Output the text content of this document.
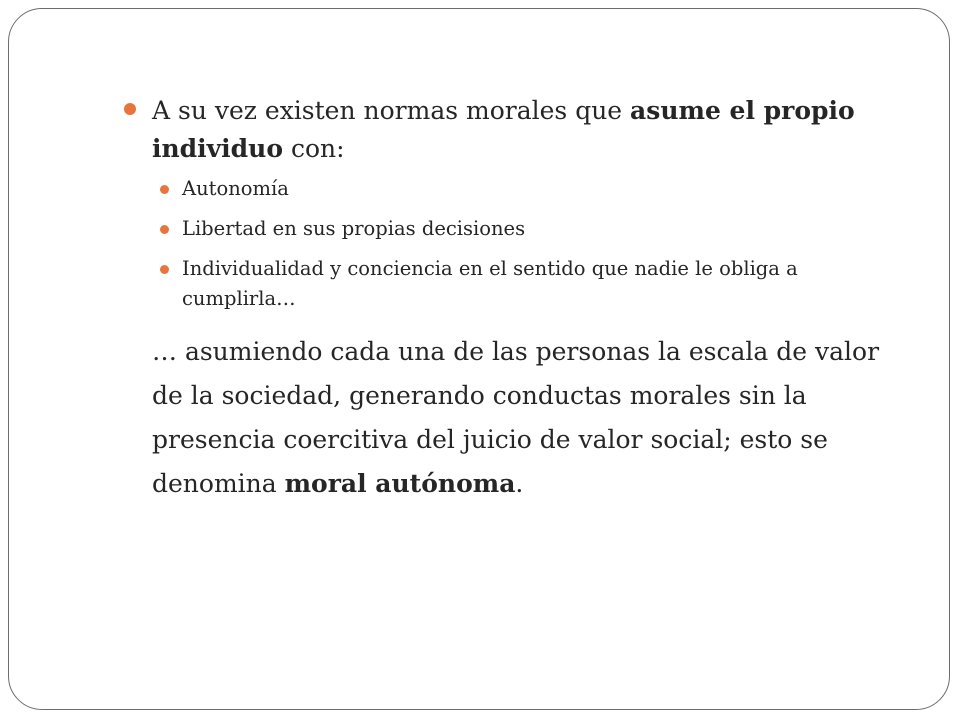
A su vez existen normas morales que asume el propio individuo con:
Autonomía
Libertad en sus propias decisiones
Individualidad y conciencia en el sentido que nadie le obliga a cumplirla…
… asumiendo cada una de las personas la escala de valor de la sociedad, generando conductas morales sin la presencia coercitiva del juicio de valor social; esto se denomina moral autónoma.
